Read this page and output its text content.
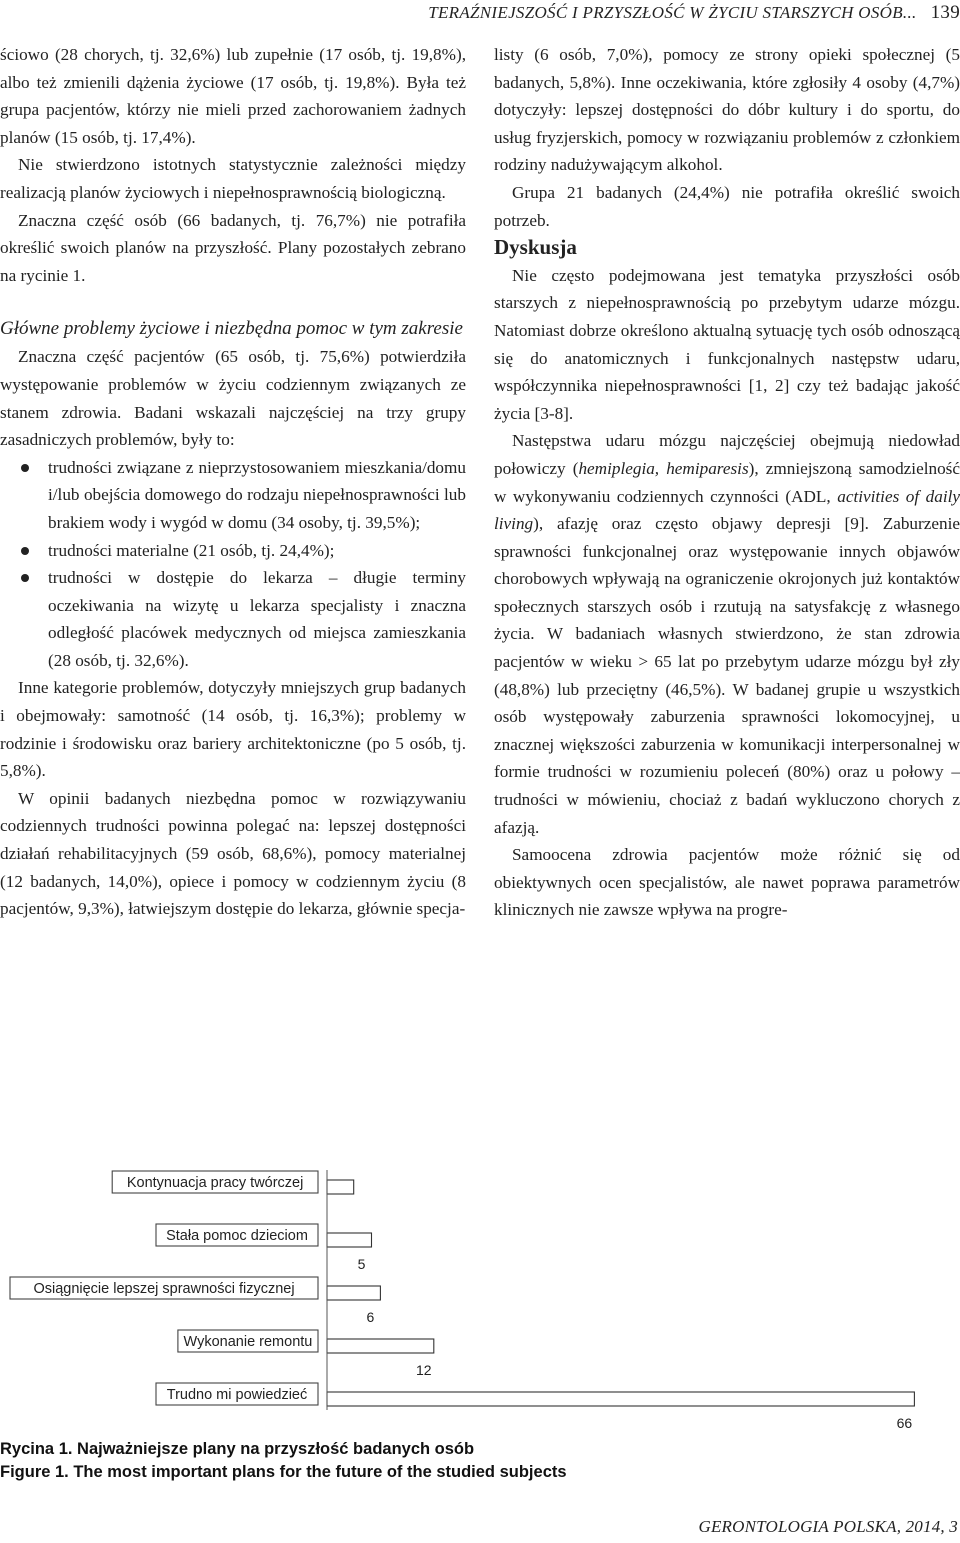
TERAŹNIEJSZOŚĆ I PRZYSZŁOŚĆ W ŻYCIU STARSZYCH OSÓB... 139

ściowo (28 chorych, tj. 32,6%) lub zupełnie (17 osób, tj. 19,8%), albo też zmienili dążenia życiowe (17 osób, tj. 19,8%). Była też grupa pacjentów, którzy nie mieli przed zachorowaniem żadnych planów (15 osób, tj. 17,4%).

Nie stwierdzono istotnych statystycznie zależności między realizacją planów życiowych i niepełnosprawnością biologiczną.

Znaczna część osób (66 badanych, tj. 76,7%) nie potrafiła określić swoich planów na przyszłość. Plany pozostałych zebrano na rycinie 1.

Główne problemy życiowe i niezbędna pomoc w tym zakresie

Znaczna część pacjentów (65 osób, tj. 75,6%) potwierdziła występowanie problemów w życiu codziennym związanych ze stanem zdrowia. Badani wskazali najczęściej na trzy grupy zasadniczych problemów, były to:

trudności związane z nieprzystosowaniem mieszkania/domu i/lub obejścia domowego do rodzaju niepełnosprawności lub brakiem wody i wygód w domu (34 osoby, tj. 39,5%);
trudności materialne (21 osób, tj. 24,4%);
trudności w dostępie do lekarza – długie terminy oczekiwania na wizytę u lekarza specjalisty i znaczna odległość placówek medycznych od miejsca zamieszkania (28 osób, tj. 32,6%).

Inne kategorie problemów, dotyczyły mniejszych grup badanych i obejmowały: samotność (14 osób, tj. 16,3%); problemy w rodzinie i środowisku oraz bariery architektoniczne (po 5 osób, tj. 5,8%).

W opinii badanych niezbędna pomoc w rozwiązywaniu codziennych trudności powinna polegać na: lepszej dostępności działań rehabilitacyjnych (59 osób, 68,6%), pomocy materialnej (12 badanych, 14,0%), opiece i pomocy w codziennym życiu (8 pacjentów, 9,3%), łatwiejszym dostępie do lekarza, głównie specja-

listy (6 osób, 7,0%), pomocy ze strony opieki społecznej (5 badanych, 5,8%). Inne oczekiwania, które zgłosiły 4 osoby (4,7%) dotyczyły: lepszej dostępności do dóbr kultury i do sportu, do usług fryzjerskich, pomocy w rozwiązaniu problemów z członkiem rodziny nadużywającym alkohol.

Grupa 21 badanych (24,4%) nie potrafiła określić swoich potrzeb.

Dyskusja

Nie często podejmowana jest tematyka przyszłości osób starszych z niepełnosprawnością po przebytym udarze mózgu. Natomiast dobrze określono aktualną sytuację tych osób odnoszącą się do anatomicznych i funkcjonalnych następstw udaru, współczynnika niepełnosprawności [1, 2] czy też badając jakość życia [3-8].

Następstwa udaru mózgu najczęściej obejmują niedowład połowiczy (hemiplegia, hemiparesis), zmniejszoną samodzielność w wykonywaniu codziennych czynności (ADL, activities of daily living), afazję oraz często objawy depresji [9]. Zaburzenie sprawności funkcjonalnej oraz występowanie innych objawów chorobowych wpływają na ograniczenie okrojonych już kontaktów społecznych starszych osób i rzutują na satysfakcję z własnego życia. W badaniach własnych stwierdzono, że stan zdrowia pacjentów w wieku > 65 lat po przebytym udarze mózgu był zły (48,8%) lub przeciętny (46,5%). W badanej grupie u wszystkich osób występowały zaburzenia sprawności lokomocyjnej, u znacznej większości zaburzenia w komunikacji interpersonalnej w formie trudności w rozumieniu poleceń (80%) oraz u połowy – trudności w mówieniu, chociaż z badań wykluczono chorych z afazją.

Samoocena zdrowia pacjentów może różnić się od obiektywnych ocen specjalistów, ale nawet poprawa parametrów klinicznych nie zawsze wpływa na progre-

Kontynuacja pracy twórczej
Stała pomoc dzieciom
5
Osiągnięcie lepszej sprawności fizycznej
6
Wykonanie remontu
12
Trudno mi powiedzieć
66
Rycina 1. Najważniejsze plany na przyszłość badanych osób
Figure 1. The most important plans for the future of the studied subjects
GERONTOLOGIA POLSKA, 2014, 3
